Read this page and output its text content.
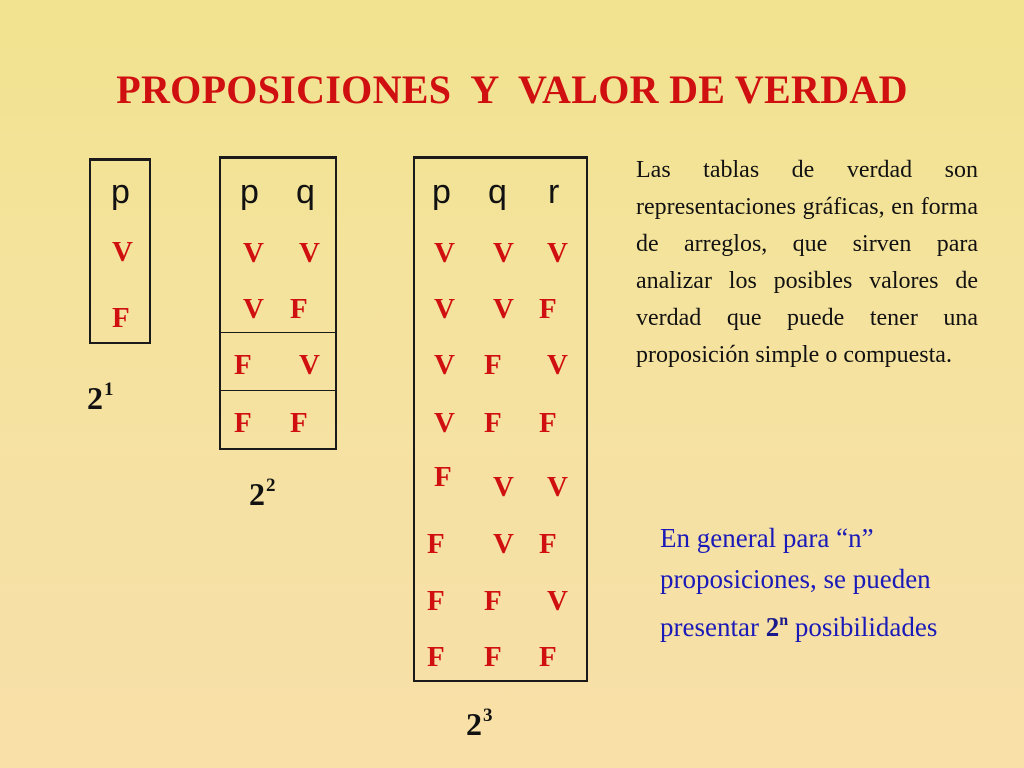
PROPOSICIONES  Y  VALOR DE VERDAD
p
V
F
$2^1$
p q
V V
V F
F V
F F
$2^2$
p q r
V V V
V V F
V F V
V F F
F V V
F V F
F F V
F F F
$2^3$
Las tablas de verdad son representaciones gráficas, en forma de arreglos, que sirven para analizar los posibles valores de verdad que puede tener una proposición simple o compuesta.
En general para “n” proposiciones, se pueden presentar 2$^n$ posibilidades
